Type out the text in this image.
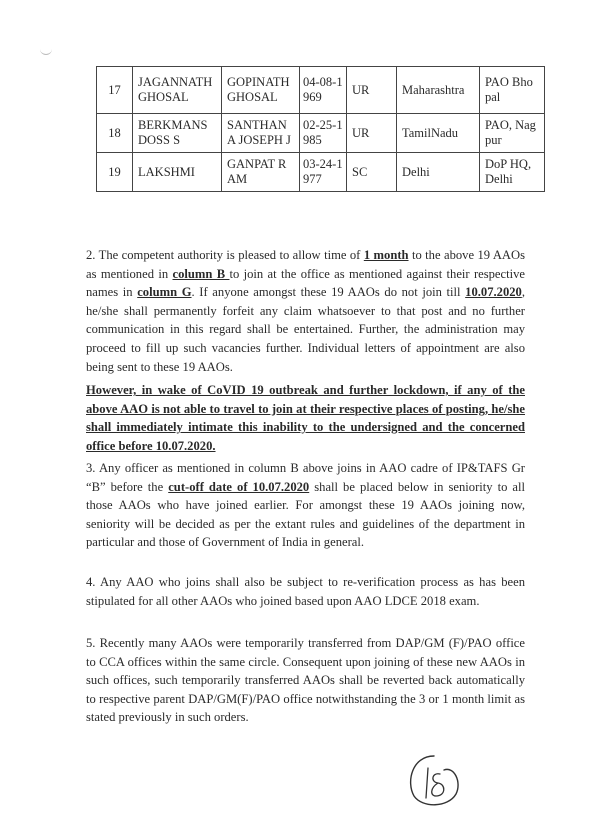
17	JAGANNATH GHOSAL	GOPINATH GHOSAL	04-08-1969	UR	Maharashtra	PAO Bhopal
18	BERKMANS DOSS S	SANTHAN A JOSEPH J	02-25-1985	UR	TamilNadu	PAO, Nagpur
19	LAKSHMI	GANPAT RAM	03-24-1977	SC	Delhi	DoP HQ, Delhi

2. The competent authority is pleased to allow time of 1 month to the above 19 AAOs as mentioned in column B to join at the office as mentioned against their respective names in column G. If anyone amongst these 19 AAOs do not join till 10.07.2020, he/she shall permanently forfeit any claim whatsoever to that post and no further communication in this regard shall be entertained. Further, the administration may proceed to fill up such vacancies further. Individual letters of appointment are also being sent to these 19 AAOs.

However, in wake of CoVID 19 outbreak and further lockdown, if any of the above AAO is not able to travel to join at their respective places of posting, he/she shall immediately intimate this inability to the undersigned and the concerned office before 10.07.2020.

3. Any officer as mentioned in column B above joins in AAO cadre of IP&TAFS Gr “B” before the cut-off date of 10.07.2020 shall be placed below in seniority to all those AAOs who have joined earlier. For amongst these 19 AAOs joining now, seniority will be decided as per the extant rules and guidelines of the department in particular and those of Government of India in general.

4. Any AAO who joins shall also be subject to re-verification process as has been stipulated for all other AAOs who joined based upon AAO LDCE 2018 exam.

5. Recently many AAOs were temporarily transferred from DAP/GM (F)/PAO office to CCA offices within the same circle. Consequent upon joining of these new AAOs in such offices, such temporarily transferred AAOs shall be reverted back automatically to respective parent DAP/GM(F)/PAO office notwithstanding the 3 or 1 month limit as stated previously in such orders.
